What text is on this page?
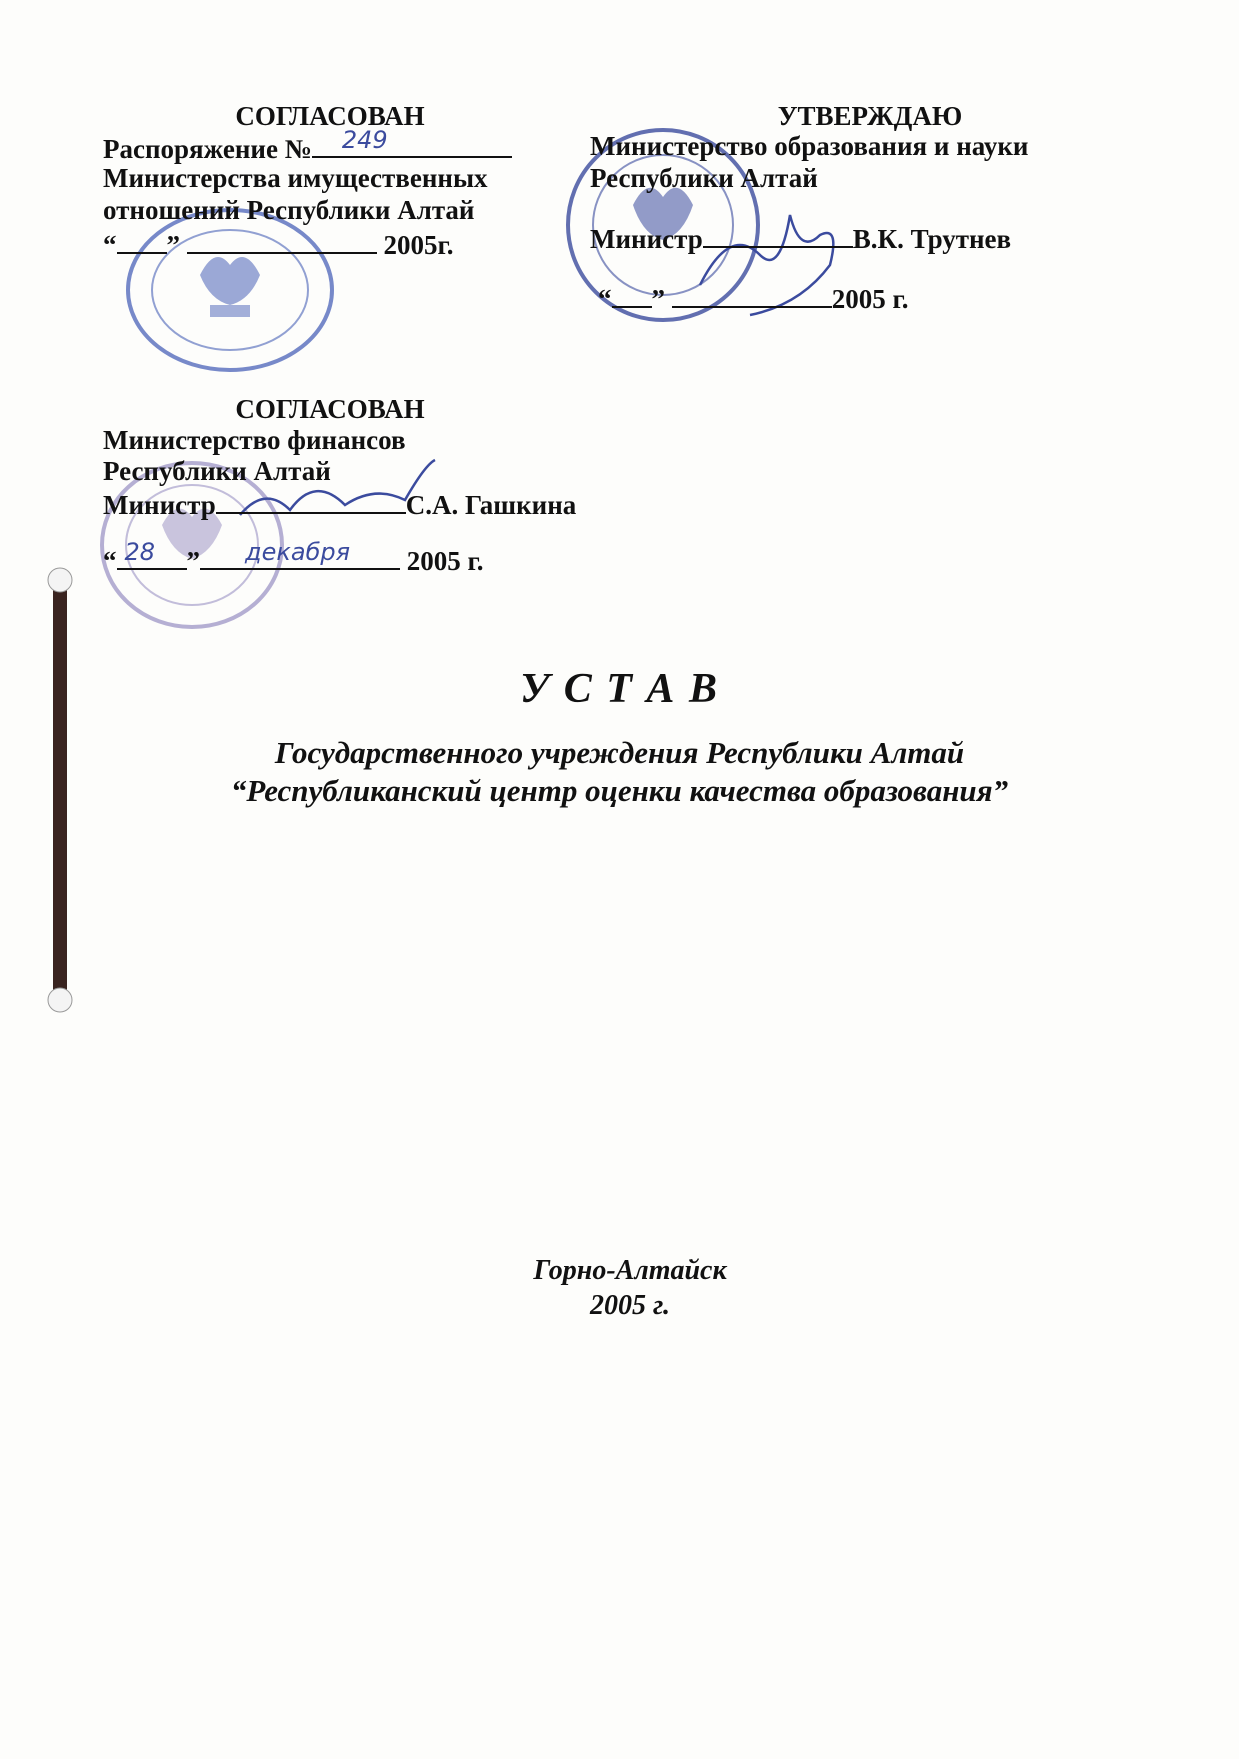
СОГЛАСОВАН
Распоряжение № 249
Министерства имущественных
отношений Республики Алтай
“ ”	2005г.
УТВЕРЖДАЮ
Министерство образования и науки
Республики Алтай
Министр	В.К. Трутнев
“ ”	2005 г.
СОГЛАСОВАН
Министерство финансов
Республики Алтай
Министр	С.А. Гашкина
“ 28 ” декабря 2005 г.
У С Т А В
Государственного учреждения Республики Алтай
“Республиканский центр оценки качества образования”
Горно-Алтайск
2005 г.
